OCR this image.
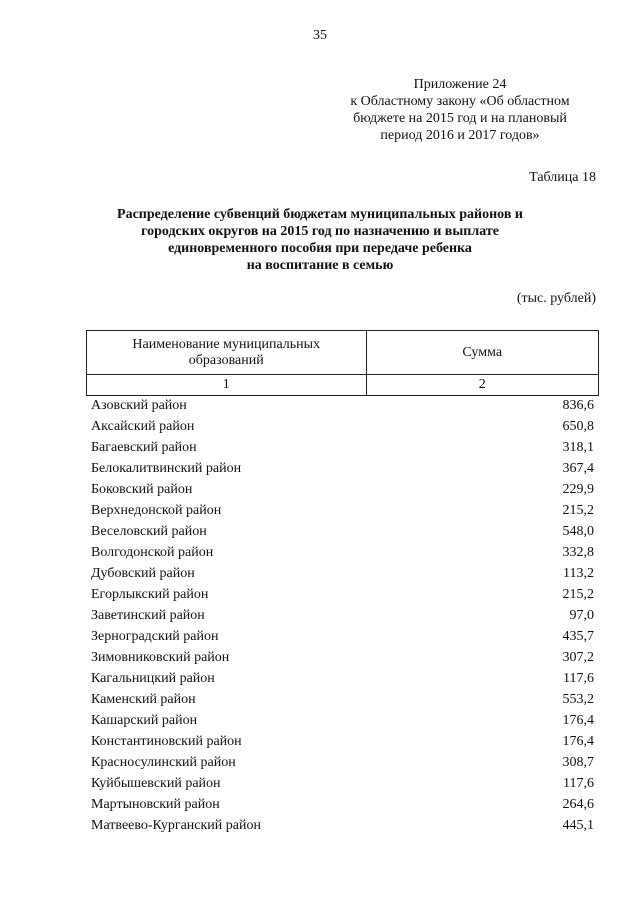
35
Приложение 24
к Областному закону «Об областном
бюджете на 2015 год и на плановый
период 2016 и 2017 годов»
Таблица 18
Распределение субвенций бюджетам муниципальных районов и
городских округов на 2015 год по назначению и выплате
единовременного пособия при передаче ребенка
на воспитание в семью
(тыс. рублей)
Наименование муниципальных
образований	Сумма

1	2
Азовский район	836,6
Аксайский район	650,8
Багаевский район	318,1
Белокалитвинский район	367,4
Боковский район	229,9
Верхнедонской район	215,2
Веселовский район	548,0
Волгодонской район	332,8
Дубовский район	113,2
Егорлыкский район	215,2
Заветинский район	97,0
Зерноградский район	435,7
Зимовниковский район	307,2
Кагальницкий район	117,6
Каменский район	553,2
Кашарский район	176,4
Константиновский район	176,4
Красносулинский район	308,7
Куйбышевский район	117,6
Мартыновский район	264,6
Матвеево-Курганский район	445,1
